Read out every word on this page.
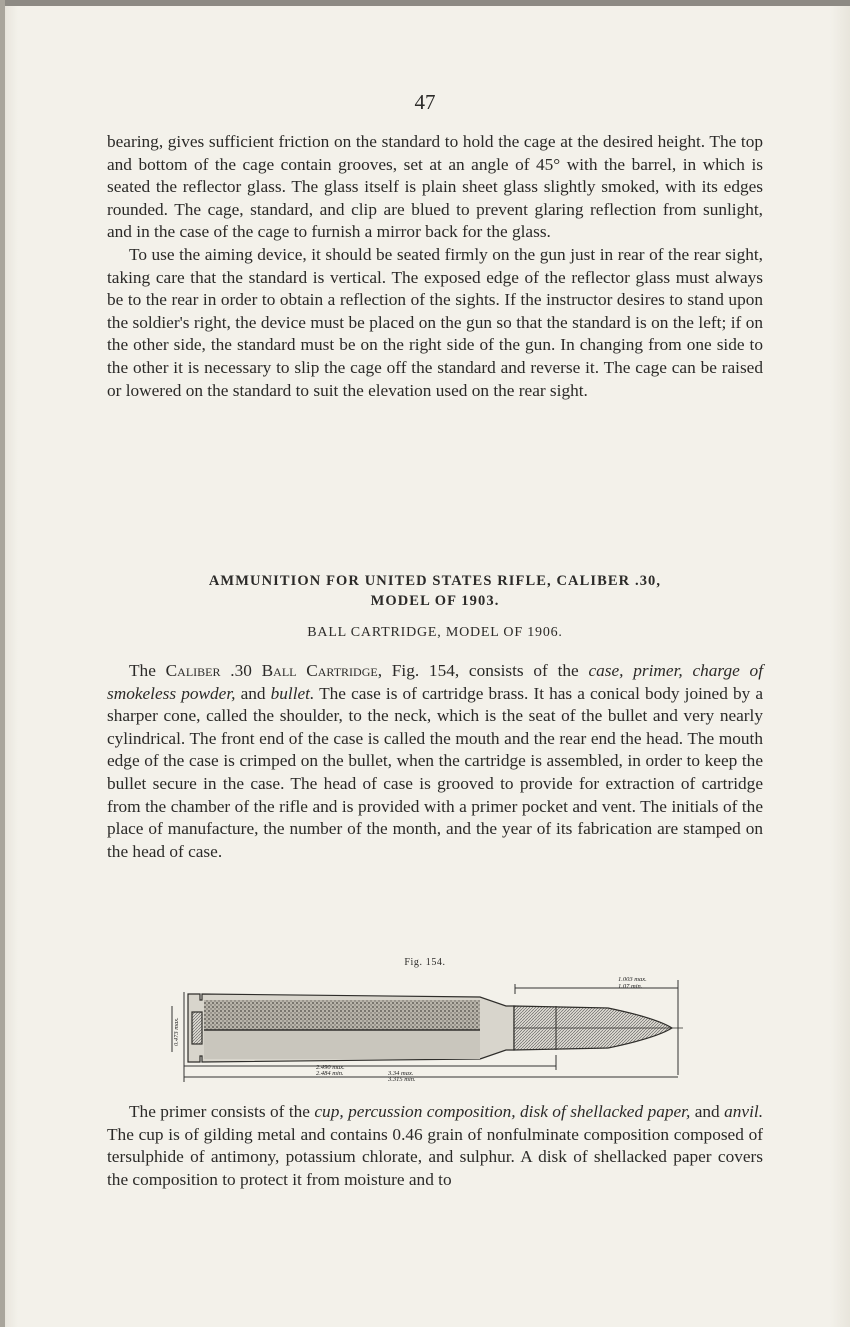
47

bearing, gives sufficient friction on the standard to hold the cage at the desired height. The top and bottom of the cage contain grooves, set at an angle of 45° with the barrel, in which is seated the reflector glass. The glass itself is plain sheet glass slightly smoked, with its edges rounded. The cage, standard, and clip are blued to prevent glaring reflection from sunlight, and in the case of the cage to furnish a mirror back for the glass.

To use the aiming device, it should be seated firmly on the gun just in rear of the rear sight, taking care that the standard is vertical. The exposed edge of the reflector glass must always be to the rear in order to obtain a reflection of the sights. If the instructor desires to stand upon the soldier's right, the device must be placed on the gun so that the standard is on the left; if on the other side, the standard must be on the right side of the gun. In changing from one side to the other it is necessary to slip the cage off the standard and reverse it. The cage can be raised or lowered on the standard to suit the elevation used on the rear sight.

AMMUNITION FOR UNITED STATES RIFLE, CALIBER .30,
MODEL OF 1903.
BALL CARTRIDGE, MODEL OF 1906.

The Caliber .30 Ball Cartridge, Fig. 154, consists of the case, primer, charge of smokeless powder, and bullet. The case is of cartridge brass. It has a conical body joined by a sharper cone, called the shoulder, to the neck, which is the seat of the bullet and very nearly cylindrical. The front end of the case is called the mouth and the rear end the head. The mouth edge of the case is crimped on the bullet, when the cartridge is assembled, in order to keep the bullet secure in the case. The head of case is grooved to provide for extraction of cartridge from the chamber of the rifle and is provided with a primer pocket and vent. The initials of the place of manufacture, the number of the month, and the year of its fabrication are stamped on the head of case.

Fig. 154.
1.003 max.
1.07 min.
2.490 max.
2.484 min.	3.34 max.
3.315 min.
0.473 max.

The primer consists of the cup, percussion composition, disk of shellacked paper, and anvil. The cup is of gilding metal and contains 0.46 grain of nonfulminate composition composed of tersulphide of antimony, potassium chlorate, and sulphur. A disk of shellacked paper covers the composition to protect it from moisture and to
